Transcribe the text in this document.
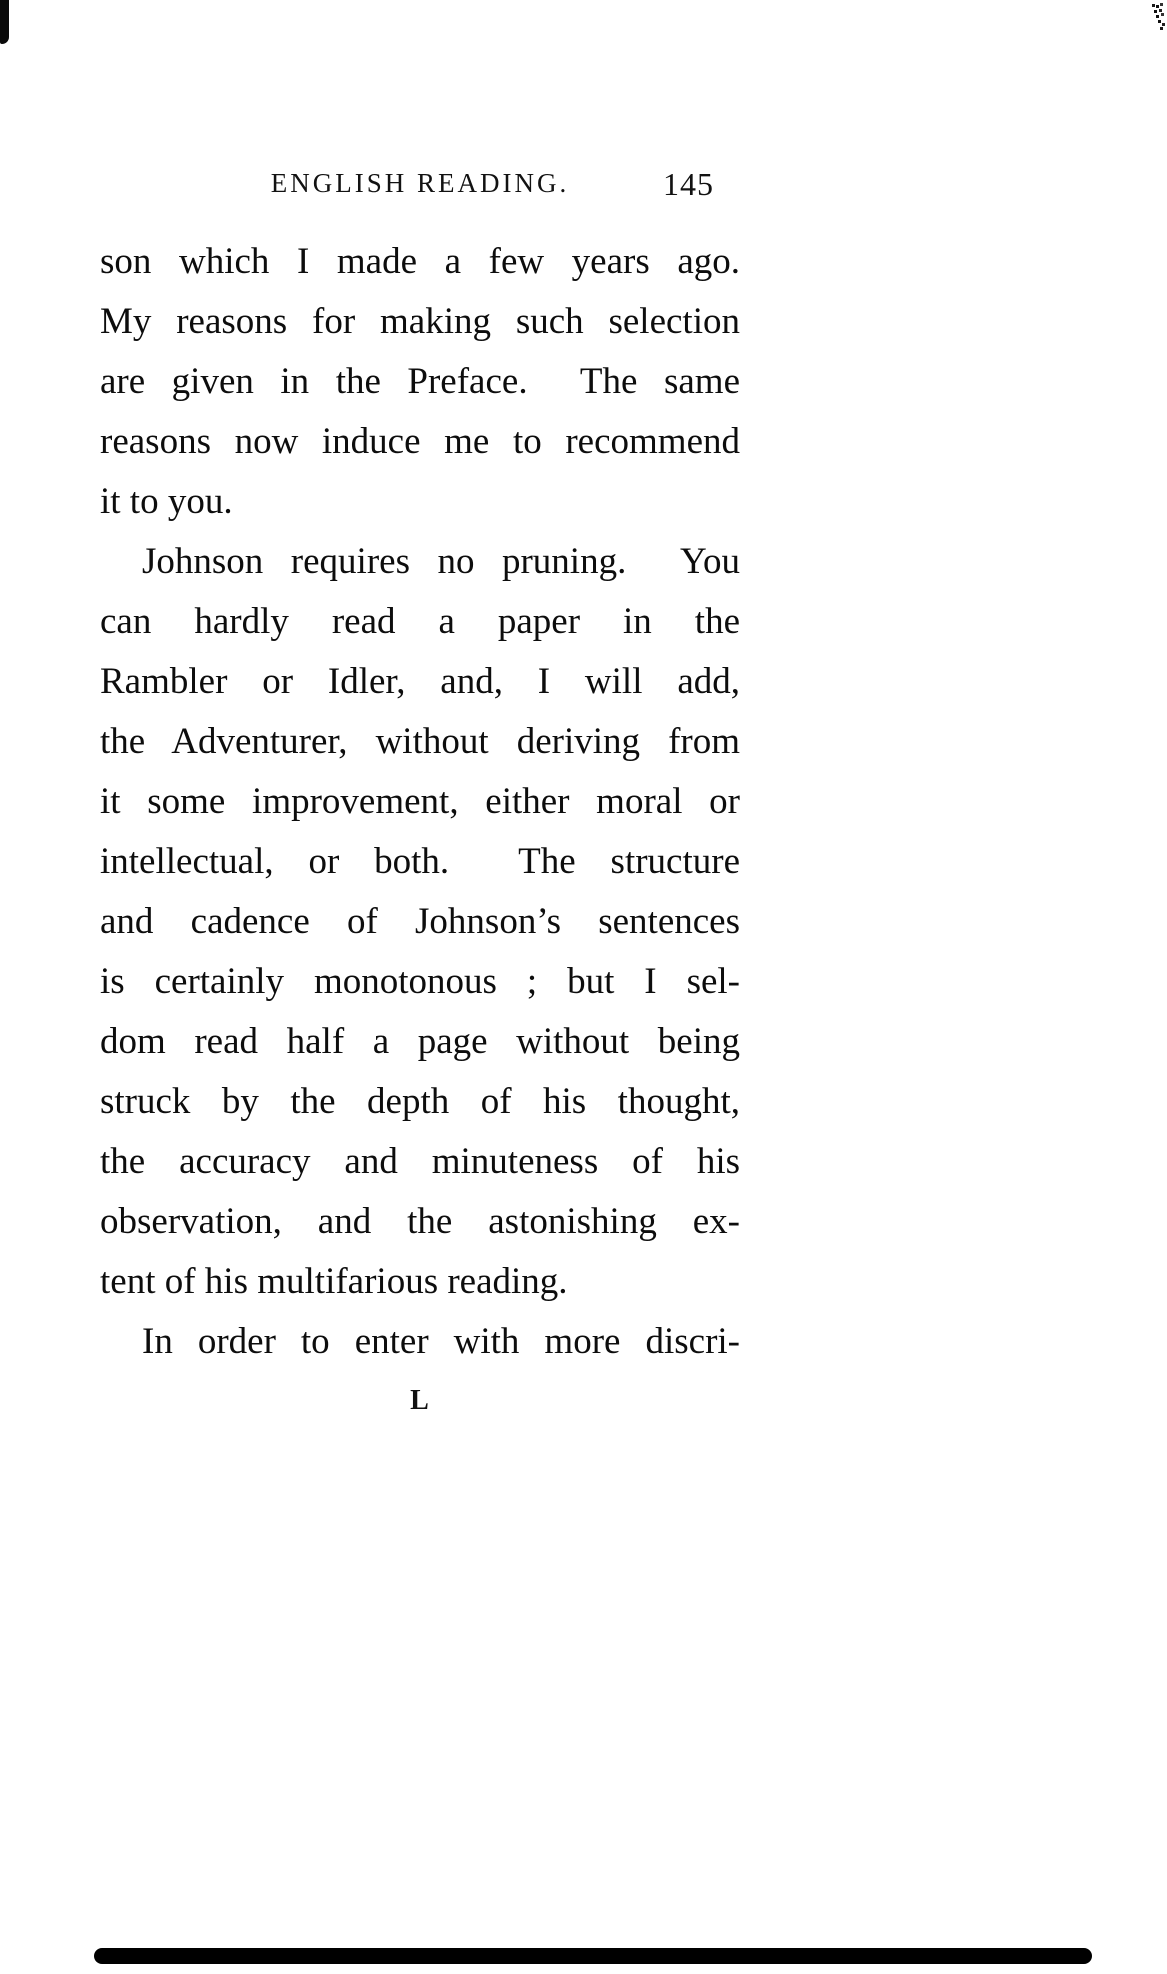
ENGLISH READING.	145
son which I made a few years ago.
My reasons for making such selection
are given in the Preface.  The same
reasons now induce me to recommend
it to you.
Johnson requires no pruning.  You
can hardly read a paper in the
Rambler or Idler, and, I will add,
the Adventurer, without deriving from
it some improvement, either moral or
intellectual, or both.  The structure
and cadence of Johnson’s sentences
is certainly monotonous ; but I sel-
dom read half a page without being
struck by the depth of his thought,
the accuracy and minuteness of his
observation, and the astonishing ex-
tent of his multifarious reading.
In order to enter with more discri-
L
